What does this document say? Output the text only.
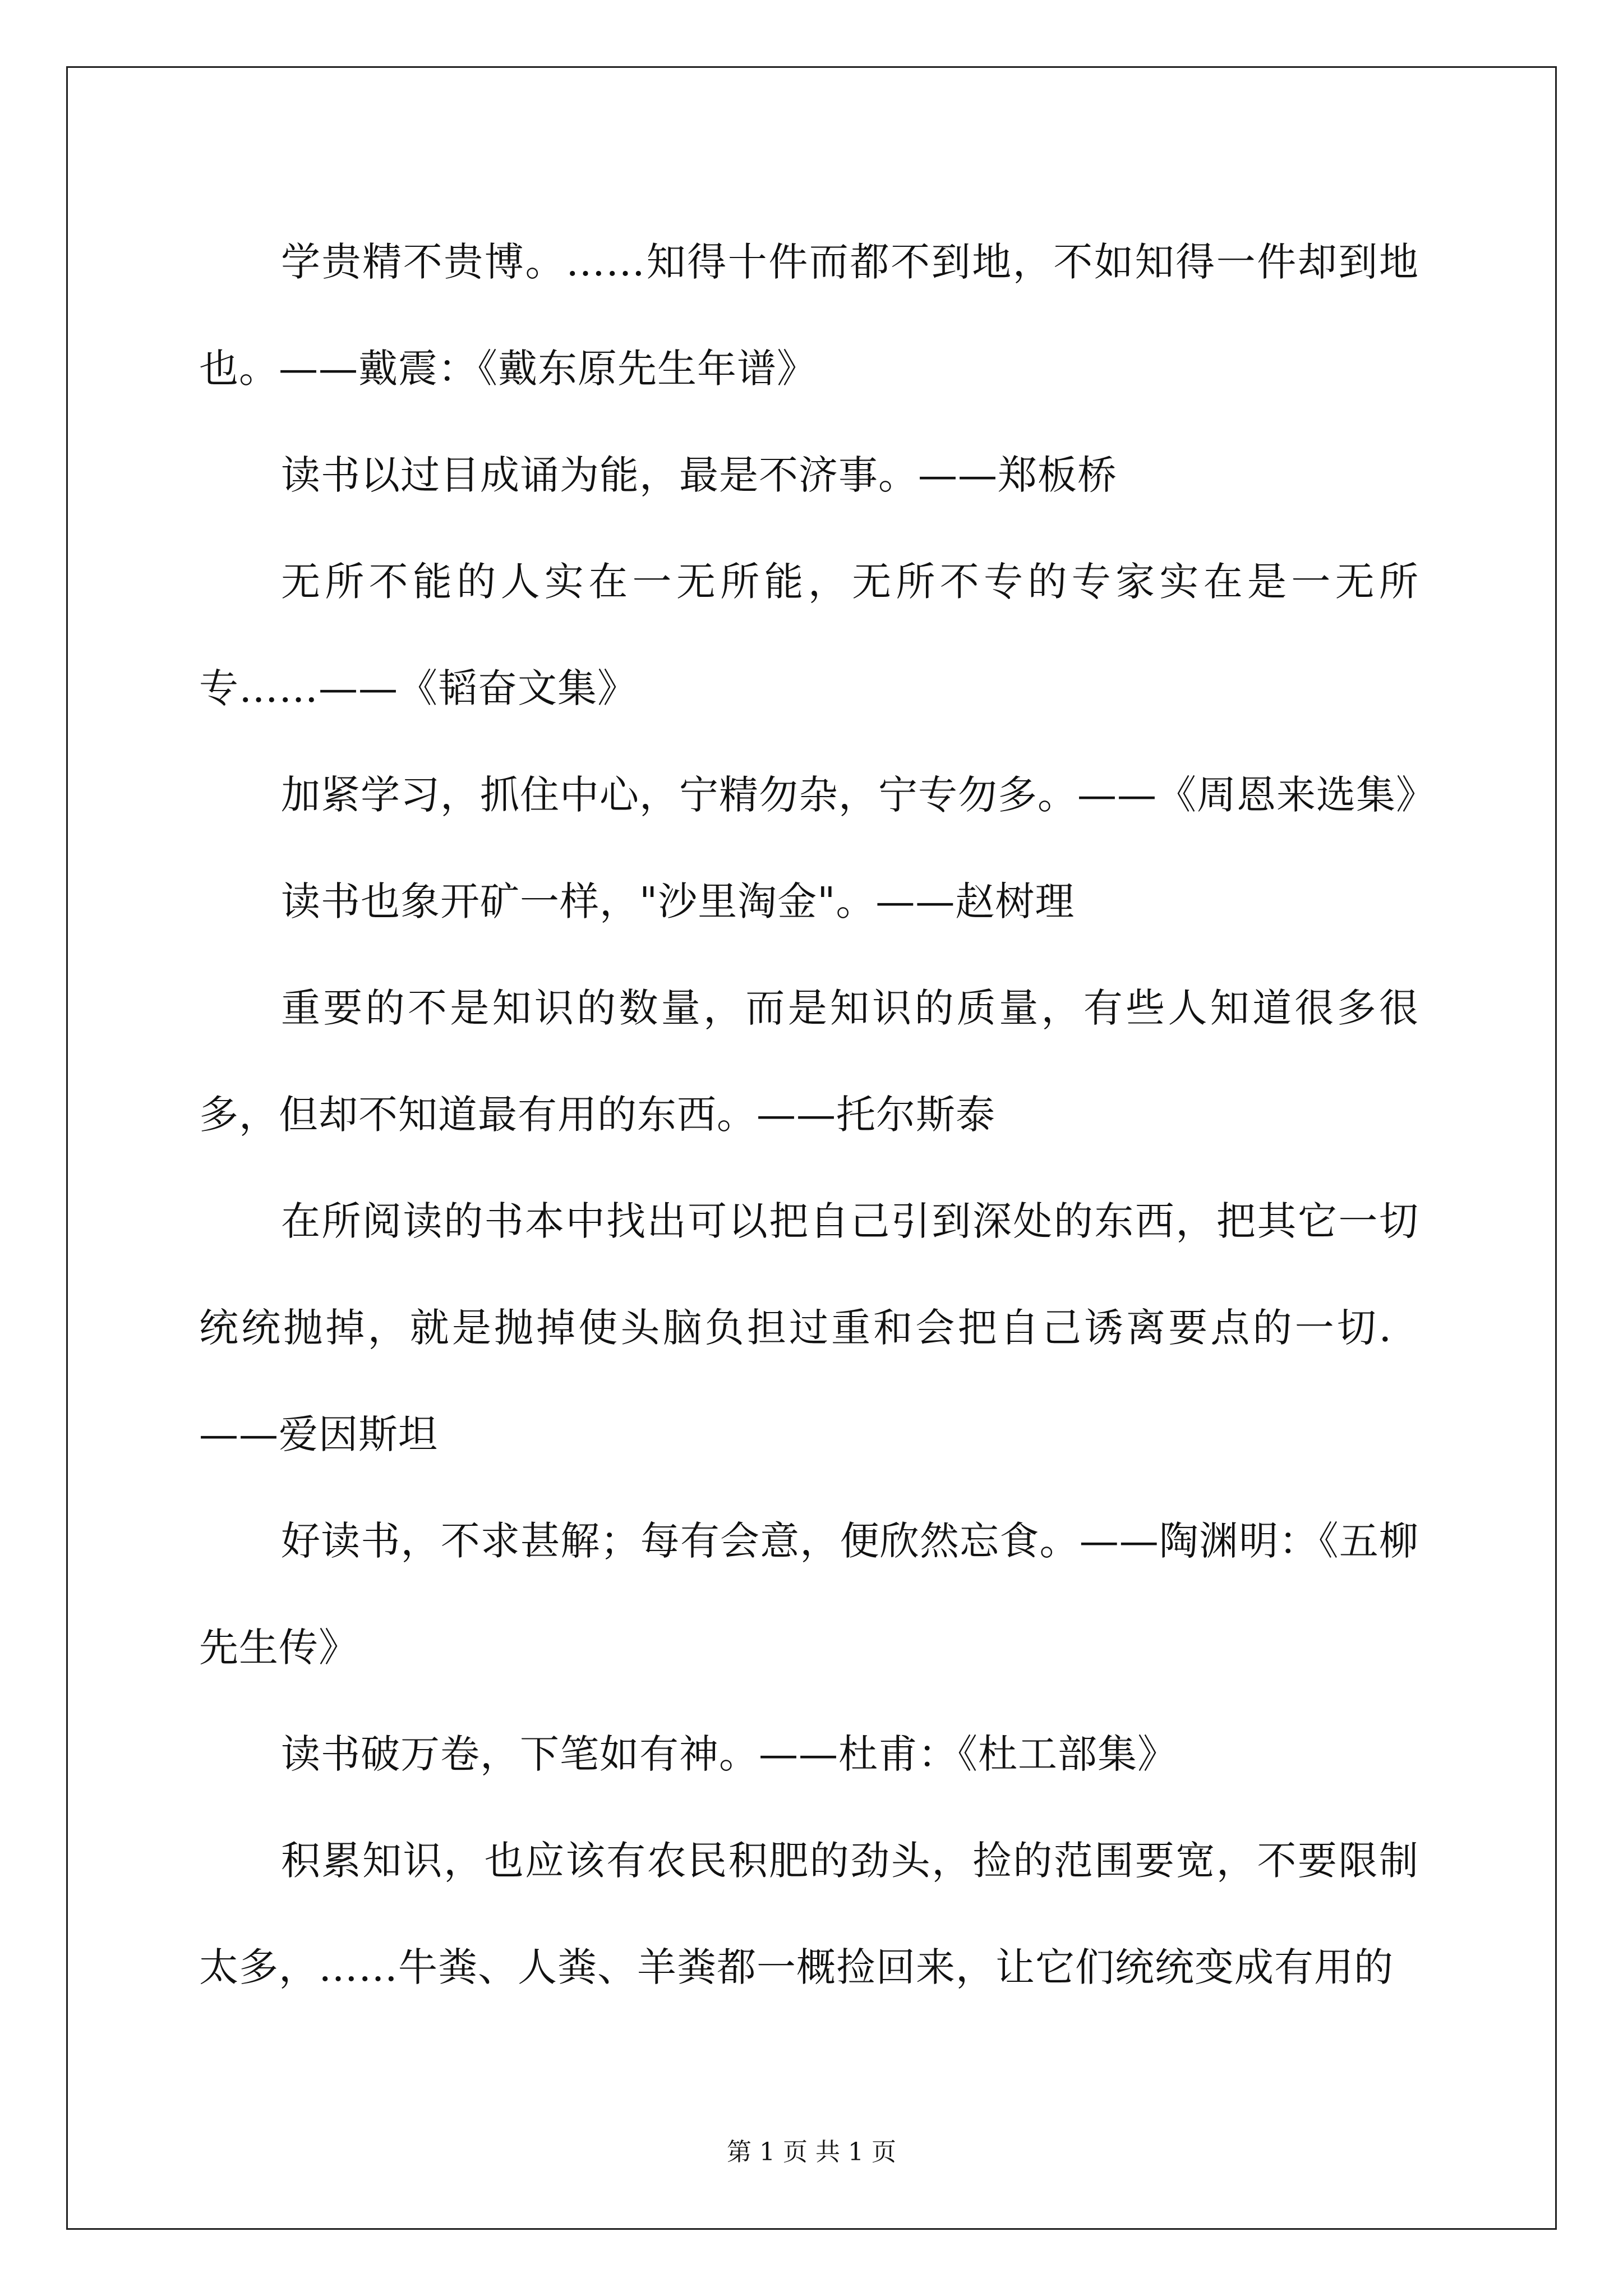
学贵精不贵博。……知得十件而都不到地，不如知得一件却到地也。——戴震：《戴东原先生年谱》

读书以过目成诵为能，最是不济事。——郑板桥

无所不能的人实在一无所能，无所不专的专家实在是一无所专……——《韬奋文集》

加紧学习，抓住中心，宁精勿杂，宁专勿多。——《周恩来选集》

读书也象开矿一样，"沙里淘金"。——赵树理

重要的不是知识的数量，而是知识的质量，有些人知道很多很多，但却不知道最有用的东西。——托尔斯泰

在所阅读的书本中找出可以把自己引到深处的东西，把其它一切统统抛掉，就是抛掉使头脑负担过重和会把自己诱离要点的一切．——爱因斯坦

好读书，不求甚解；每有会意，便欣然忘食。——陶渊明：《五柳先生传》

读书破万卷，下笔如有神。——杜甫：《杜工部集》

积累知识，也应该有农民积肥的劲头，捡的范围要宽，不要限制太多，……牛粪、人粪、羊粪都一概捡回来，让它们统统变成有用的

第 1 页 共 1 页
